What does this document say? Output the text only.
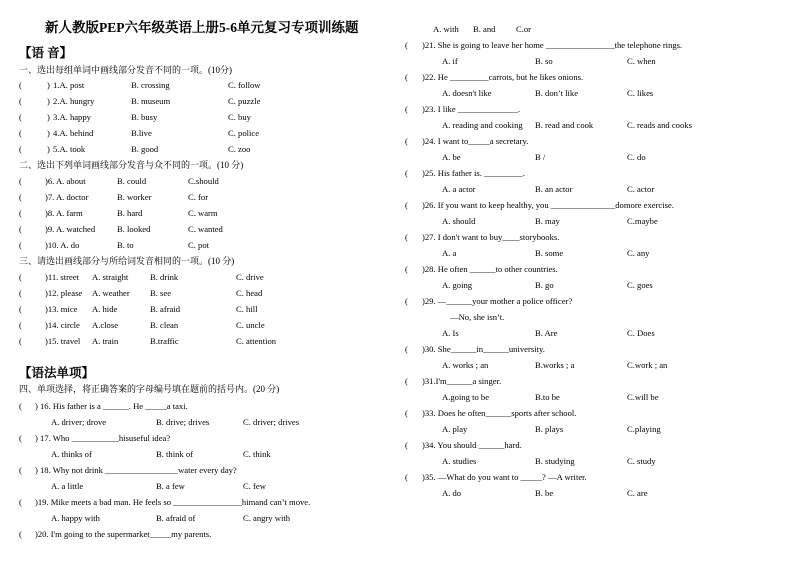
新人教版PEP六年级英语上册5-6单元复习专项训练题
【语 音】
一、选出每组单词中画线部分发音不同的一项。(10分)
(	) 1.A. post	B. crossing	C. follow
(	) 2.A. hungry	B. museum	C. puzzle
(	) 3.A. happy	B. busy	C. buy
(	) 4.A. behind	B.live	C. police
(	) 5.A. took	B. good	C. zoo
二、选出下列单词画线部分发音与众不同的一项。(10 分)
(	)6. A. about	B. could	C.should
(	)7. A. doctor	B. worker	C. for
(	)8. A. farm	B. hard	C. warm
(	)9. A. watched	B. looked	C. wanted
(	)10. A. do	B. to	C. pot
三、请选出画线部分与所给词发音相同的一项。(10 分)
(	)11. street A. straight	B. drink	C. drive
(	)12. please A. weather B. see	C. head
(	)13. mice A. hide	B. afraid	C. hill
(	)14. circle A.close	B. clean	C. uncle
(	)15. travel A. train	B.traffic	C. attention
【语法单项】
四、单项选择，将正确答案的字母编号填在题前的括号内。(20 分)
( ) 16. His father is a ______. He _____a taxi.
A. driver; drove	B. drive; drives	C. driver; drives
( ) 17. Who ___________hisuseful idea?
A. thinks of	B. think of	C. think
( ) 18. Why not drink _________________water every day?
A. a little	B. a few	C. few
( )19. Mike meets a bad man. He feels so ________________himand can’t move.
A. happy with	B. afraid of	C. angry with
( )20. I'm going to the supermarket_____my parents.
A. with B. and C.or
( )21. She is going to leave her home ________________the telephone rings.
A. if	B. so	C. when
( )22. He _________carrots, but he likes onions.
A. doesn't like	B. don’t like	C. likes
( )23. I like ______________.
A. reading and cooking B. read and cook	C. reads and cooks
( )24. I want to_____a secretary.
A. be	B /	C. do
( )25. His father is. _________.
A. a actor	B. an actor	C. actor
( )26. If you want to keep healthy, you _______________domore exercise.
A. should	B. may	C.maybe
( )27. I don't want to buy____storybooks.
A. a	B. some	C. any
( )28. He often ______to other countries.
A. going	B. go	C. goes
( )29. —______your mother a police officer?
—No, she isn’t.
A. Is	B. Are	C. Does
( )30. She______in______university.
A. works ; an	B.works ; a	C.work ; an
( )31.I'm______a singer.
A.going to be	B.to be	C.will be
( )33. Does he often______sports after school.
A. play	B. plays	C.playing
( )34. You should ______hard.
A. studies	B. studying	C. study
( )35. —What do you want to _____? —A writer.
A. do	B. be	C. are
